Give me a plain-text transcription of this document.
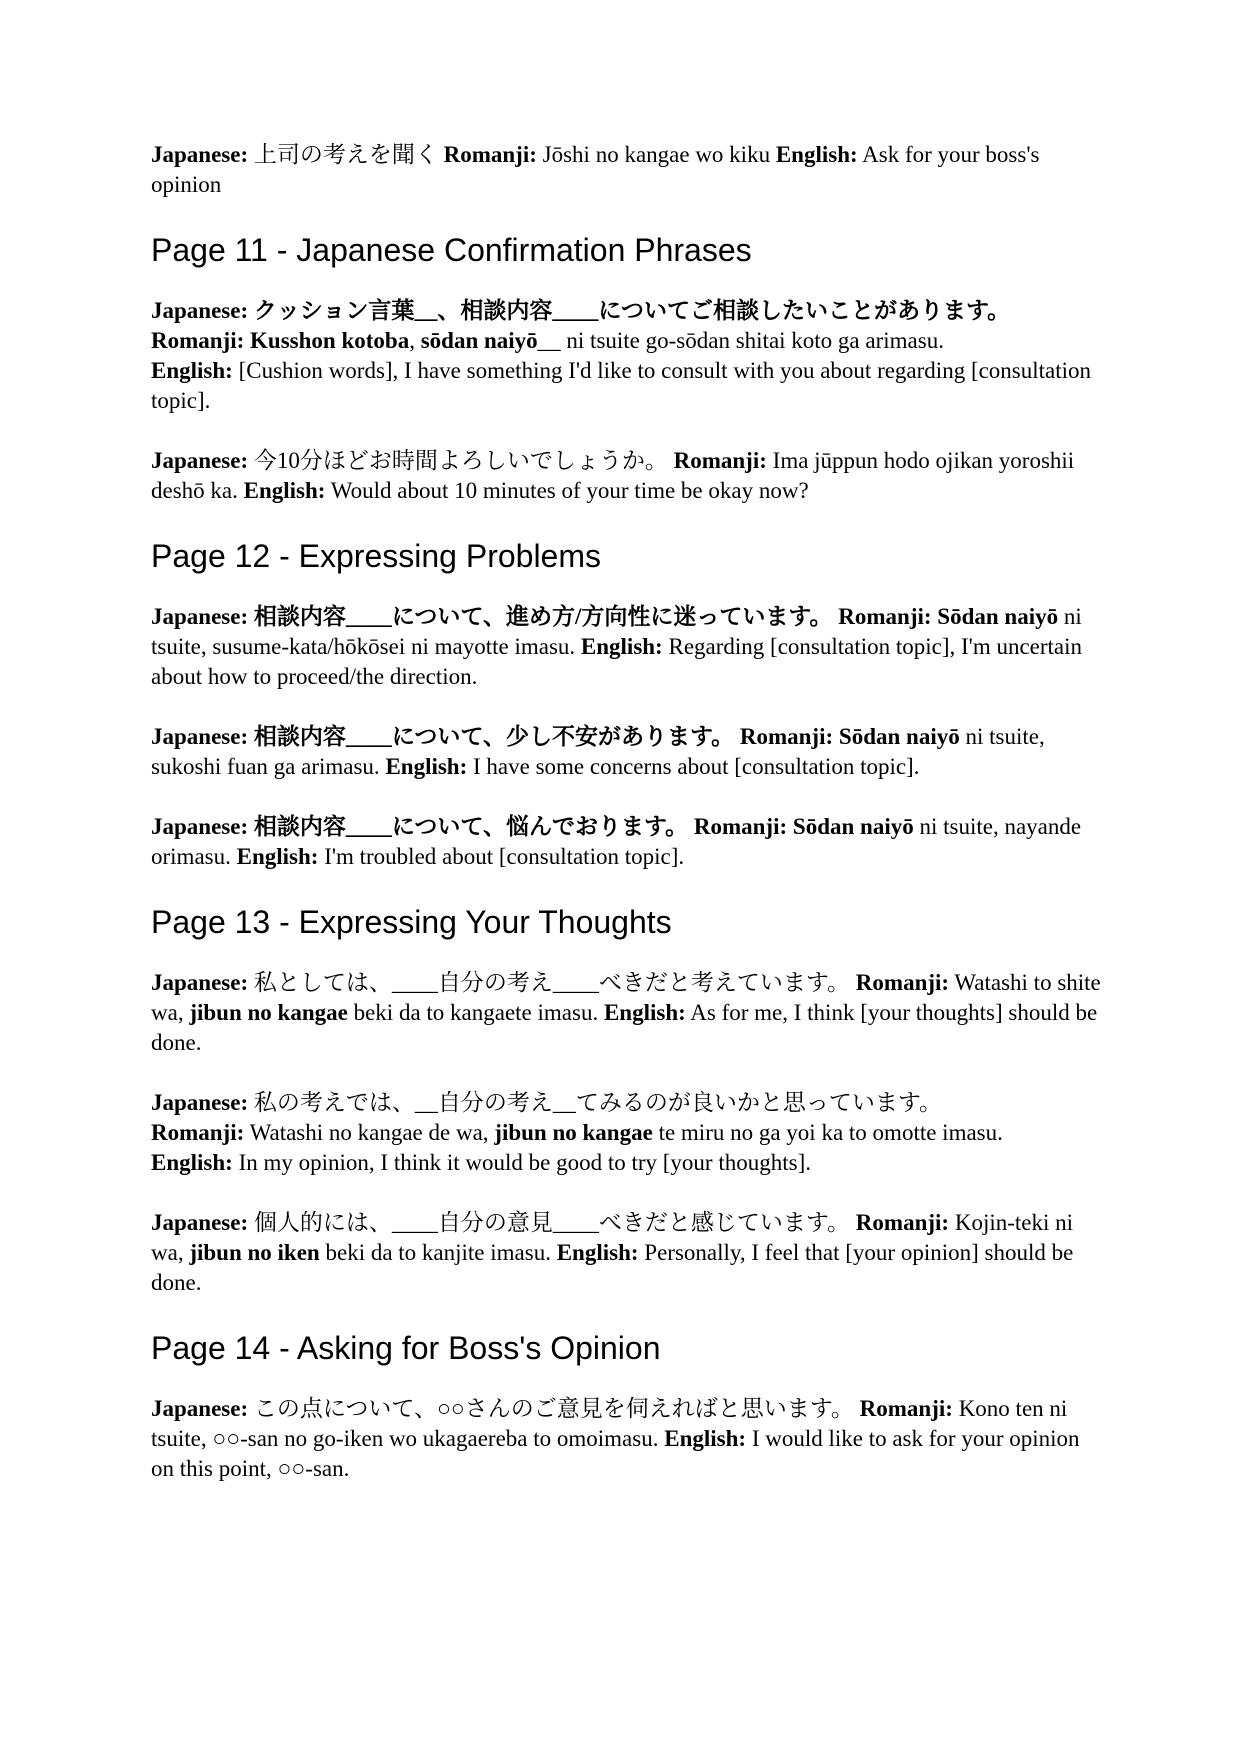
Japanese: 上司の考えを聞く Romanji: Jōshi no kangae wo kiku English: Ask for your boss's opinion

Page 11 - Japanese Confirmation Phrases

Japanese: クッション言葉__、相談内容____についてご相談したいことがあります。
Romanji: Kusshon kotoba, sōdan naiyō__ ni tsuite go-sōdan shitai koto ga arimasu.
English: [Cushion words], I have something I'd like to consult with you about regarding [consultation topic].

Japanese: 今10分ほどお時間よろしいでしょうか。 Romanji: Ima jūppun hodo ojikan yoroshii deshō ka. English: Would about 10 minutes of your time be okay now?

Page 12 - Expressing Problems

Japanese: 相談内容____について、進め方/方向性に迷っています。 Romanji: Sōdan naiyō ni tsuite, susume-kata/hōkōsei ni mayotte imasu. English: Regarding [consultation topic], I'm uncertain about how to proceed/the direction.

Japanese: 相談内容____について、少し不安があります。 Romanji: Sōdan naiyō ni tsuite, sukoshi fuan ga arimasu. English: I have some concerns about [consultation topic].

Japanese: 相談内容____について、悩んでおります。 Romanji: Sōdan naiyō ni tsuite, nayande orimasu. English: I'm troubled about [consultation topic].

Page 13 - Expressing Your Thoughts

Japanese: 私としては、____自分の考え____べきだと考えています。 Romanji: Watashi to shite wa, jibun no kangae beki da to kangaete imasu. English: As for me, I think [your thoughts] should be done.

Japanese: 私の考えでは、__自分の考え__てみるのが良いかと思っています。
Romanji: Watashi no kangae de wa, jibun no kangae te miru no ga yoi ka to omotte imasu.
English: In my opinion, I think it would be good to try [your thoughts].

Japanese: 個人的には、____自分の意見____べきだと感じています。 Romanji: Kojin-teki ni wa, jibun no iken beki da to kanjite imasu. English: Personally, I feel that [your opinion] should be done.

Page 14 - Asking for Boss's Opinion

Japanese: この点について、○○さんのご意見を伺えればと思います。 Romanji: Kono ten ni tsuite, ○○-san no go-iken wo ukagaereba to omoimasu. English: I would like to ask for your opinion on this point, ○○-san.
